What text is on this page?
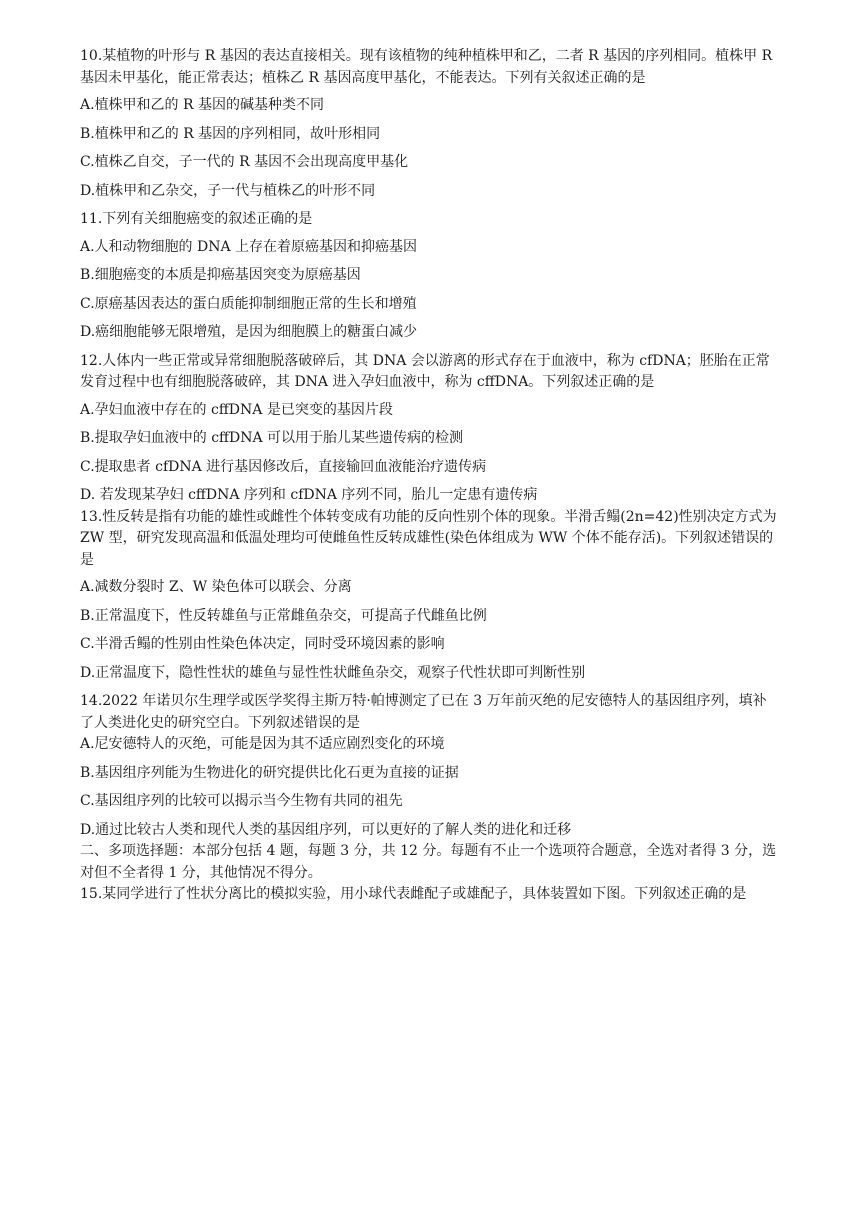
10.某植物的叶形与 R 基因的表达直接相关。现有该植物的纯种植株甲和乙，二者 R 基因的序列相同。植株甲 R 基因未甲基化，能正常表达；植株乙 R 基因高度甲基化，不能表达。下列有关叙述正确的是

A.植株甲和乙的 R 基因的碱基种类不同

B.植株甲和乙的 R 基因的序列相同，故叶形相同

C.植株乙自交，子一代的 R 基因不会出现高度甲基化

D.植株甲和乙杂交，子一代与植株乙的叶形不同

11.下列有关细胞癌变的叙述正确的是

A.人和动物细胞的 DNA 上存在着原癌基因和抑癌基因

B.细胞癌变的本质是抑癌基因突变为原癌基因

C.原癌基因表达的蛋白质能抑制细胞正常的生长和增殖

D.癌细胞能够无限增殖，是因为细胞膜上的糖蛋白减少

12.人体内一些正常或异常细胞脱落破碎后，其 DNA 会以游离的形式存在于血液中，称为 cfDNA；胚胎在正常发育过程中也有细胞脱落破碎，其 DNA 进入孕妇血液中，称为 cffDNA。下列叙述正确的是

A.孕妇血液中存在的 cffDNA 是已突变的基因片段

B.提取孕妇血液中的 cffDNA 可以用于胎儿某些遗传病的检测

C.提取患者 cfDNA 进行基因修改后，直接输回血液能治疗遗传病

D. 若发现某孕妇 cffDNA 序列和 cfDNA 序列不同，胎儿一定患有遗传病

13.性反转是指有功能的雄性或雌性个体转变成有功能的反向性别个体的现象。半滑舌鳎(2n=42)性别决定方式为 ZW 型，研究发现高温和低温处理均可使雌鱼性反转成雄性(染色体组成为 WW 个体不能存活)。下列叙述错误的是

A.减数分裂时 Z、W 染色体可以联会、分离

B.正常温度下，性反转雄鱼与正常雌鱼杂交，可提高子代雌鱼比例

C.半滑舌鳎的性别由性染色体决定，同时受环境因素的影响

D.正常温度下，隐性性状的雄鱼与显性性状雌鱼杂交，观察子代性状即可判断性别

14.2022 年诺贝尔生理学或医学奖得主斯万特·帕博测定了已在 3 万年前灭绝的尼安德特人的基因组序列，填补了人类进化史的研究空白。下列叙述错误的是

A.尼安德特人的灭绝，可能是因为其不适应剧烈变化的环境

B.基因组序列能为生物进化的研究提供比化石更为直接的证据

C.基因组序列的比较可以揭示当今生物有共同的祖先

D.通过比较古人类和现代人类的基因组序列，可以更好的了解人类的进化和迁移

二、多项选择题：本部分包括 4 题，每题 3 分，共 12 分。每题有不止一个选项符合题意，全选对者得 3 分，选对但不全者得 1 分，其他情况不得分。

15.某同学进行了性状分离比的模拟实验，用小球代表雌配子或雄配子，具体装置如下图。下列叙述正确的是
